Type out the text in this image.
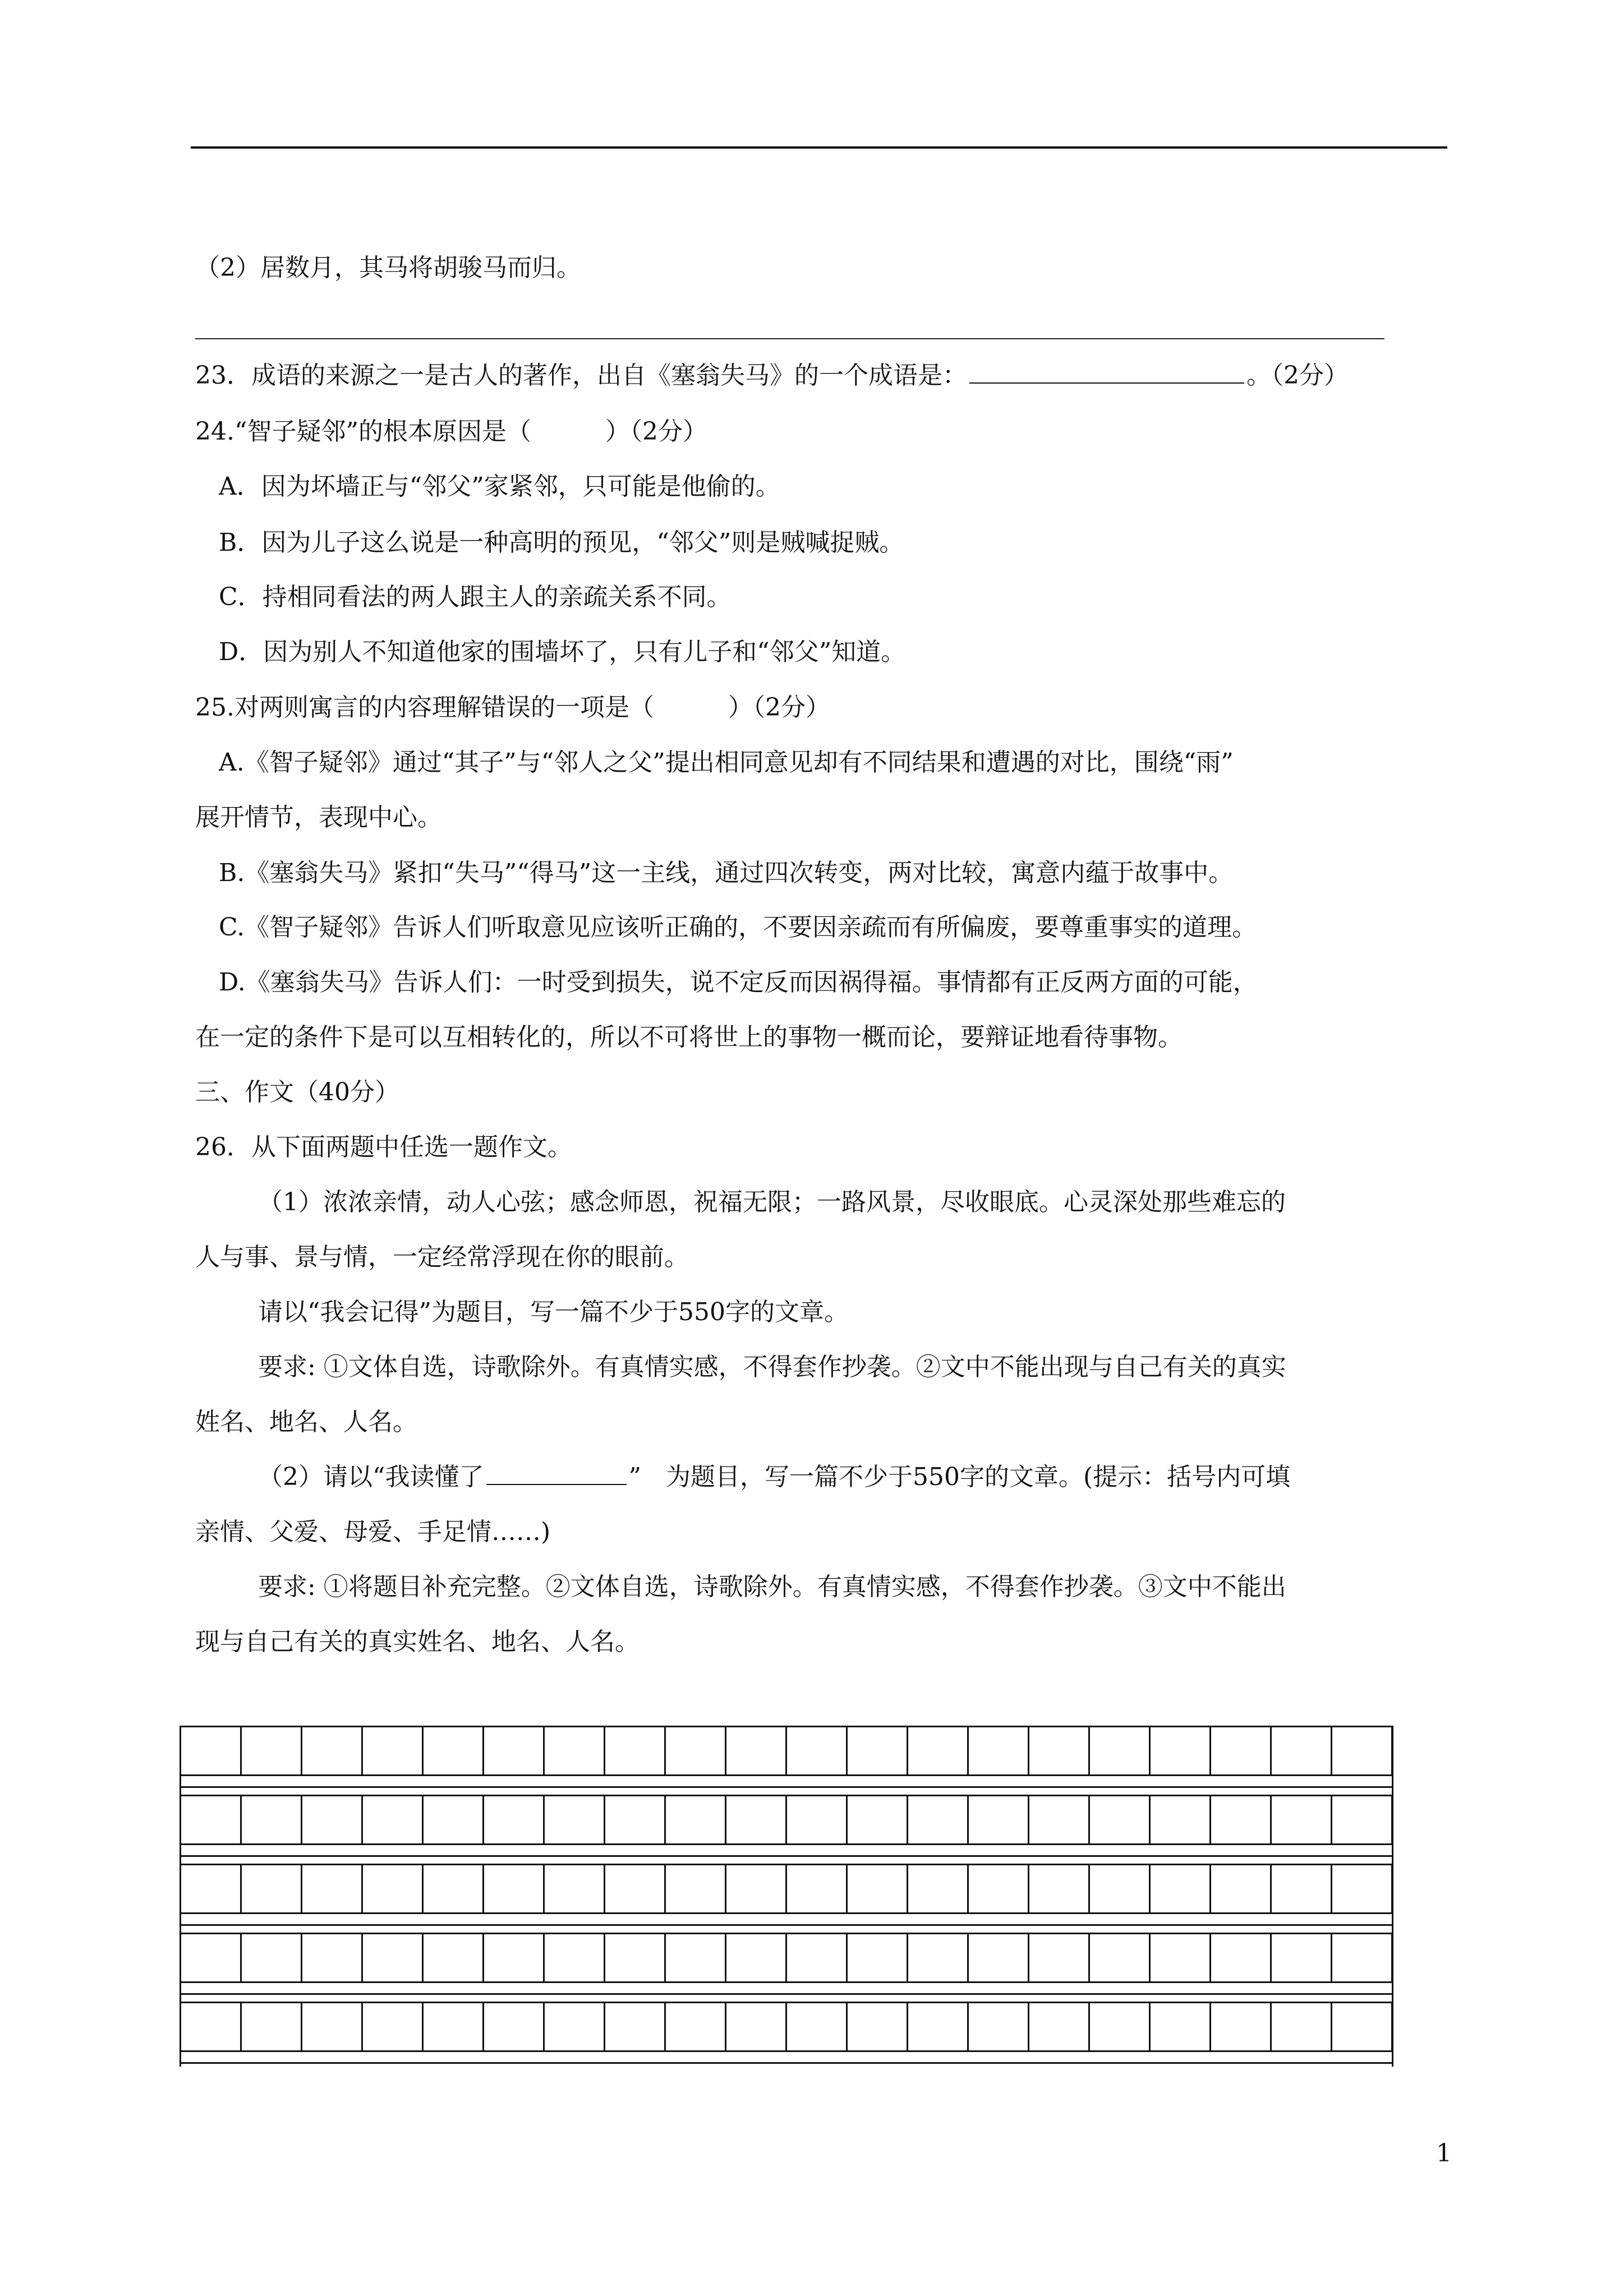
（2）居数月，其马将胡骏马而归。
23．成语的来源之一是古人的著作，出自《塞翁失马》的一个成语是：	。（2分）
24.“智子疑邻”的根本原因是（　　　）（2分）
A．因为坏墙正与“邻父”家紧邻，只可能是他偷的。
B．因为儿子这么说是一种高明的预见，“邻父”则是贼喊捉贼。
C．持相同看法的两人跟主人的亲疏关系不同。
D．因为别人不知道他家的围墙坏了，只有儿子和“邻父”知道。
25.对两则寓言的内容理解错误的一项是（　　　）（2分）
A.《智子疑邻》通过“其子”与“邻人之父”提出相同意见却有不同结果和遭遇的对比，围绕“雨”
展开情节，表现中心。
B.《塞翁失马》紧扣“失马”“得马”这一主线，通过四次转变，两对比较，寓意内蕴于故事中。
C.《智子疑邻》告诉人们听取意见应该听正确的，不要因亲疏而有所偏废，要尊重事实的道理。
D.《塞翁失马》告诉人们：一时受到损失，说不定反而因祸得福。事情都有正反两方面的可能，
在一定的条件下是可以互相转化的，所以不可将世上的事物一概而论，要辩证地看待事物。
三、作文（40分）
26．从下面两题中任选一题作文。
（1）浓浓亲情，动人心弦；感念师恩，祝福无限；一路风景，尽收眼底。心灵深处那些难忘的
人与事、景与情，一定经常浮现在你的眼前。
请以“我会记得”为题目，写一篇不少于550字的文章。
要求: ①文体自选，诗歌除外。有真情实感，不得套作抄袭。②文中不能出现与自己有关的真实
姓名、地名、人名。
（2）请以“我读懂了	”　为题目，写一篇不少于550字的文章。(提示：括号内可填
亲情、父爱、母爱、手足情……)
要求: ①将题目补充完整。②文体自选，诗歌除外。有真情实感，不得套作抄袭。③文中不能出
现与自己有关的真实姓名、地名、人名。
1
